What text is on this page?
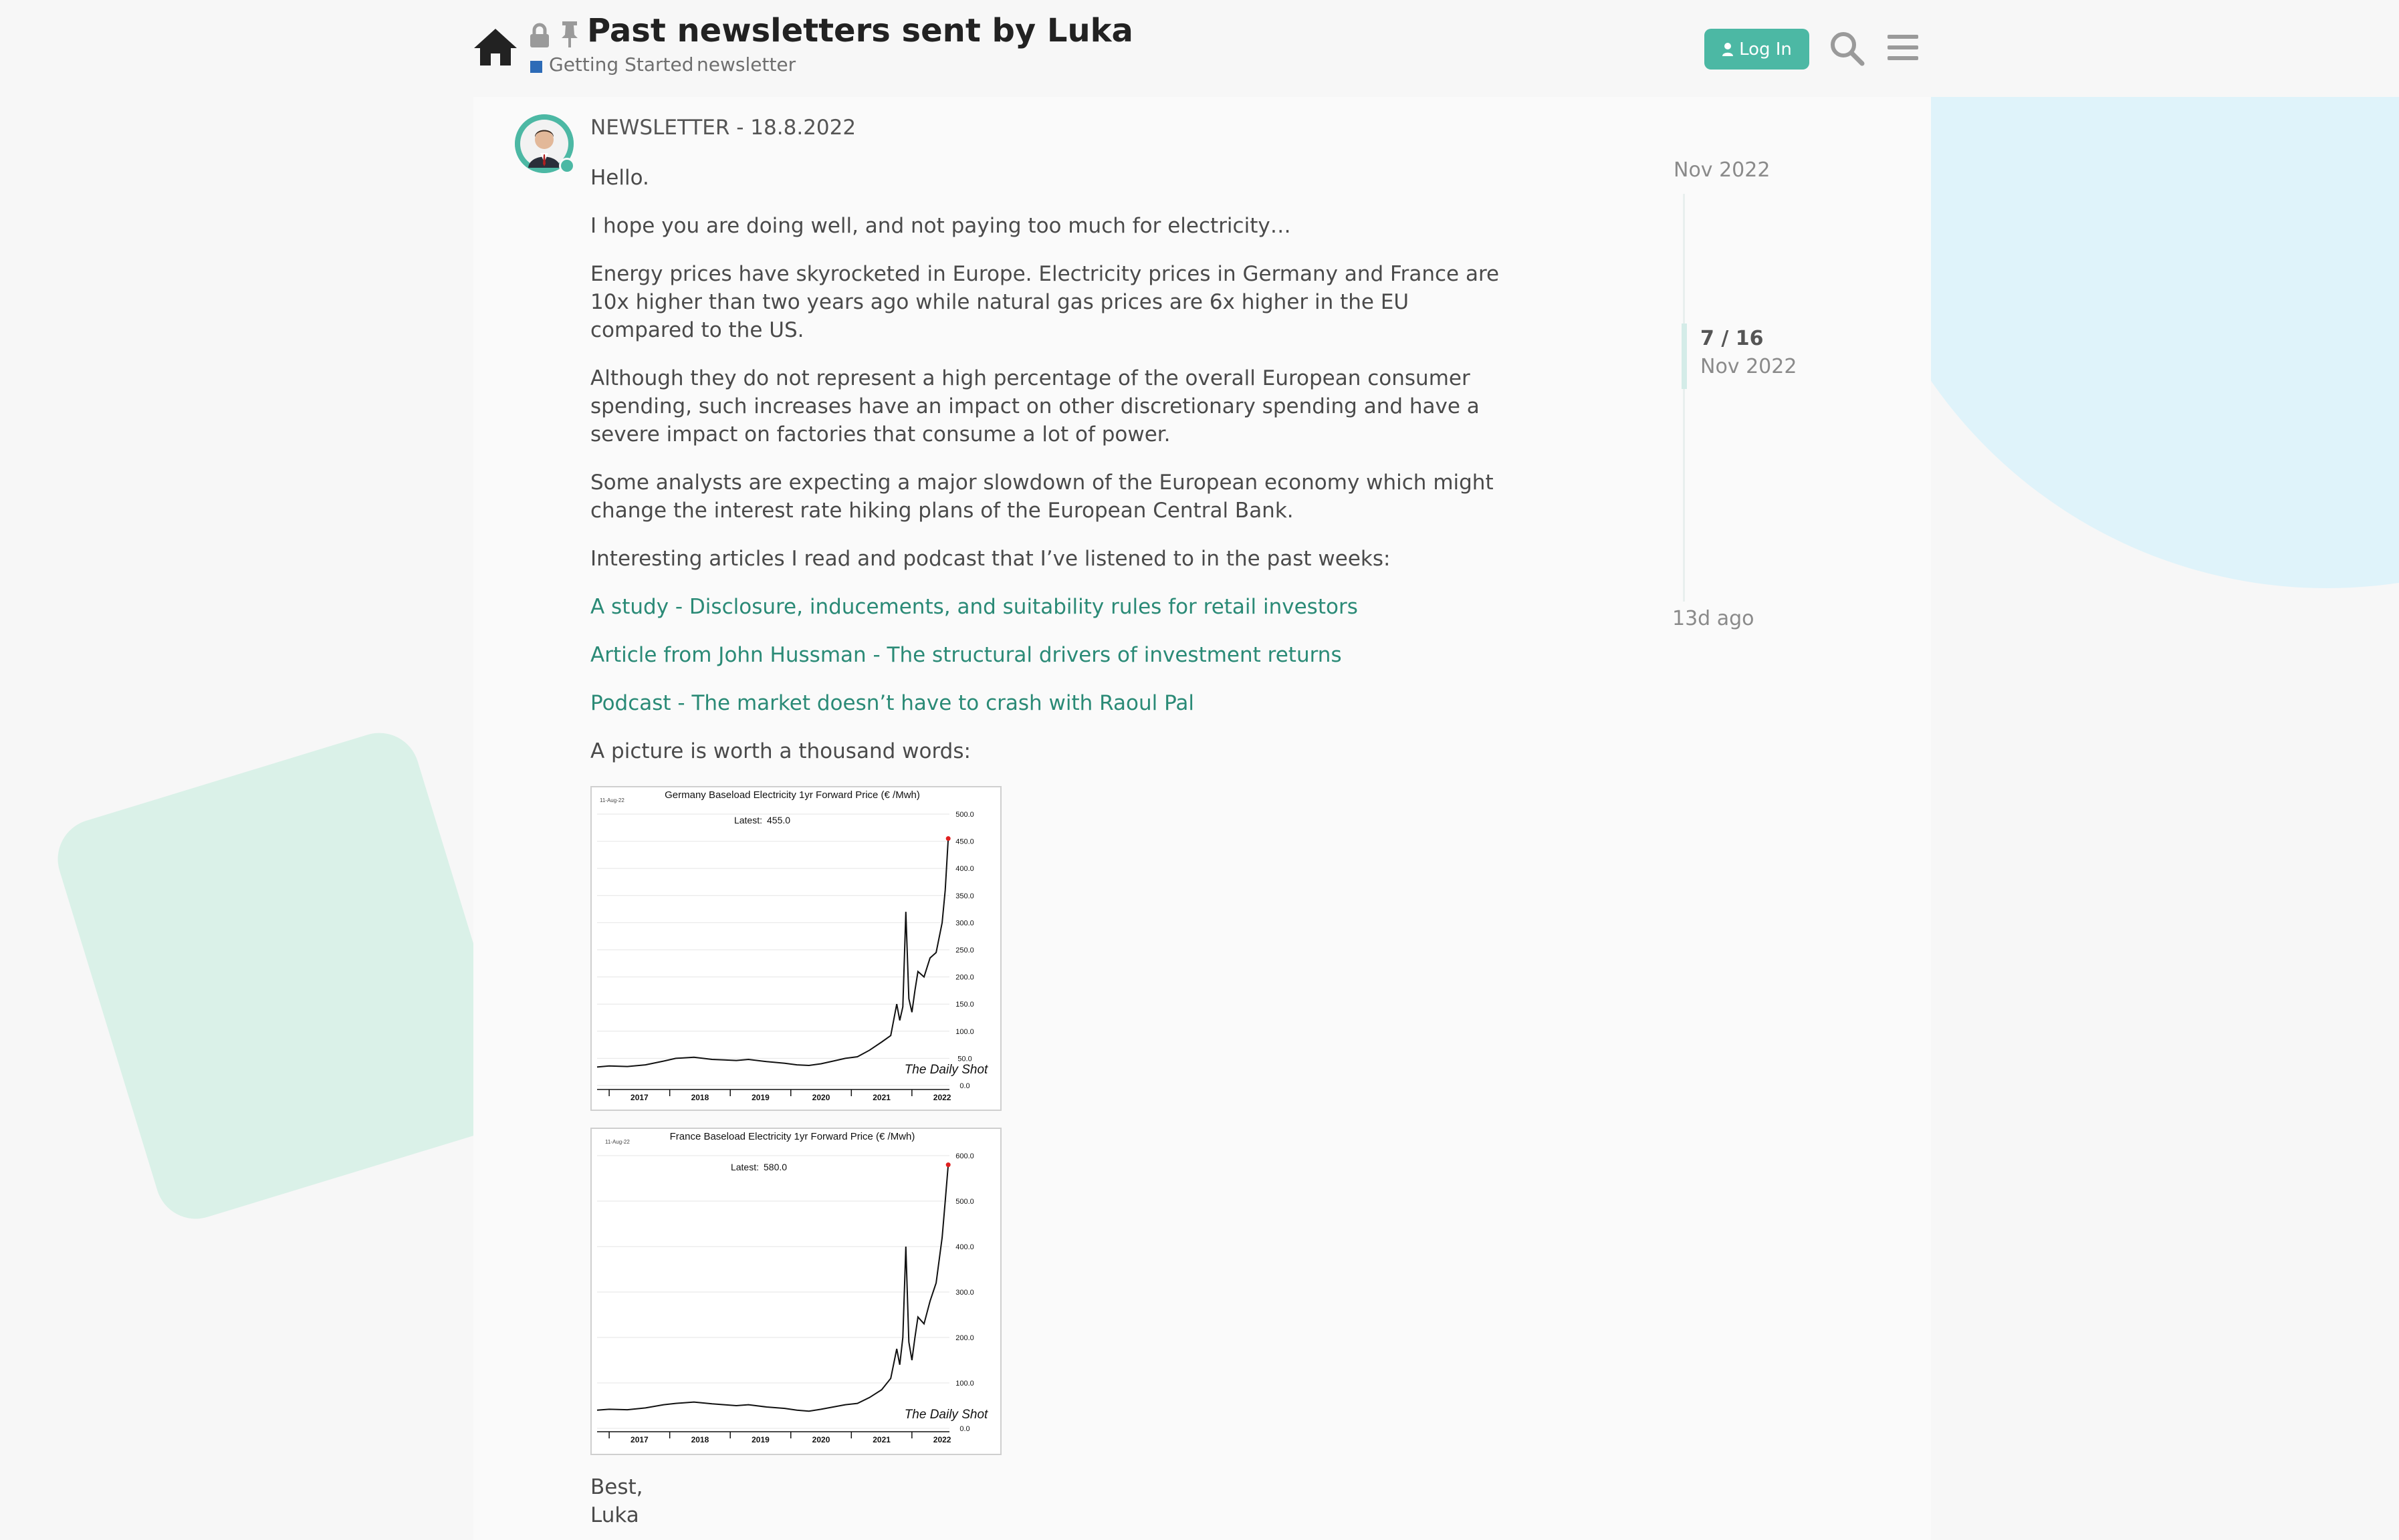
Past newsletters sent by Luka
Getting Started newsletter
Log In
NEWSLETTER - 18.8.2022

Hello.

I hope you are doing well, and not paying too much for electricity…

Energy prices have skyrocketed in Europe. Electricity prices in Germany and France are 10x higher than two years ago while natural gas prices are 6x higher in the EU compared to the US.

Although they do not represent a high percentage of the overall European consumer spending, such increases have an impact on other discretionary spending and have a severe impact on factories that consume a lot of power.

Some analysts are expecting a major slowdown of the European economy which might change the interest rate hiking plans of the European Central Bank.

Interesting articles I read and podcast that I’ve listened to in the past weeks:

A study - Disclosure, inducements, and suitability rules for retail investors
Article from John Hussman - The structural drivers of investment returns
Podcast - The market doesn’t have to crash with Raoul Pal

A picture is worth a thousand words:

11-Aug-22	Germany Baseload Electricity 1yr Forward Price (€ /Mwh)
Latest: 455.0	500.0
450.0
400.0
350.0
300.0
250.0
200.0
150.0
100.0
50.0
0.0
2017	2018	2019	2020	2021	2022
The Daily Shot
11-Aug-22	France Baseload Electricity 1yr Forward Price (€ /Mwh)
Latest: 580.0
600.0
500.0
400.0
300.0
200.0
100.0
0.0
2017	2018	2019	2020	2021	2022
The Daily Shot

Best,

Luka

Nov 2022
7 / 16
Nov 2022
13d ago
